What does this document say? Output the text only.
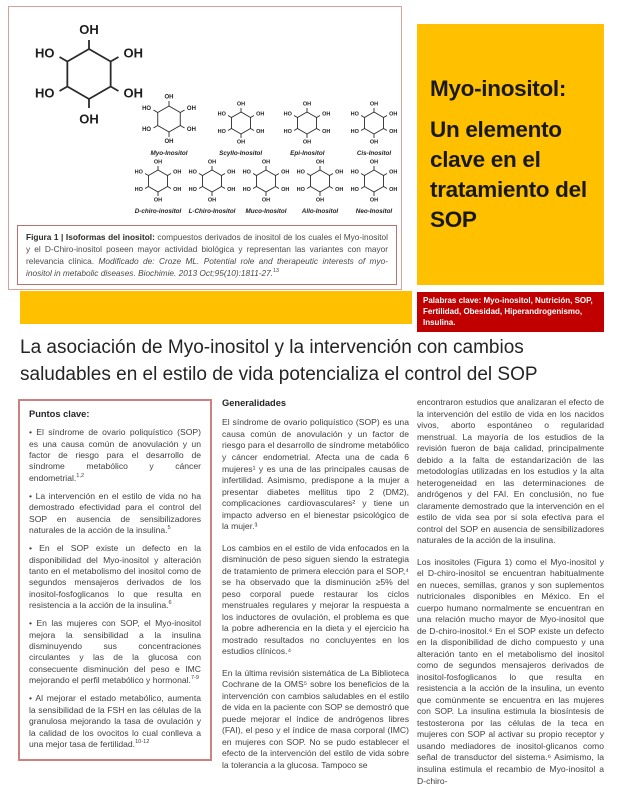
OH
OH
OH
OH
HO
HO
OH
OH
OH
OH
HO
HO
Myo-Inositol
OH
OH
OH
OH
HO
HO
Scyllo-Inositol
OH
OH
OH
OH
HO
HO
Epi-Inositol
OH
OH
OH
OH
HO
HO
Cis-Inositol
OH
OH
OH
OH
HO
HO
D-chiro-inositol
OH
OH
OH
OH
HO
HO
L-Chiro-Inositol
OH
OH
OH
OH
HO
HO
Muco-Inositol
OH
OH
OH
OH
HO
HO
Allo-Inositol
OH
OH
OH
OH
HO
HO
Neo-Inositol
Figura 1 | Isoformas del inositol: compuestos derivados de inositol de los cuales el Myo-inositol y el D-Chiro-inositol poseen mayor actividad biológica y representan las variantes con mayor relevancia clínica. Modificado de: Croze ML. Potential role and therapeutic interests of myo-inositol in metabolic diseases. Biochimie. 2013 Oct;95(10):1811-27.13
Myo-inositol:
Un elemento clave en el tratamiento del SOP
Palabras clave: Myo-inositol, Nutrición, SOP, Fertilidad, Obesidad, Hiperandrogenismo, Insulina.
La asociación de Myo-inositol y la intervención con cambios saludables en el estilo de vida potencializa el control del SOP
Puntos clave:

• El síndrome de ovario poliquístico (SOP) es una causa común de anovulación y un factor de riesgo para el desarrollo de síndrome metabólico y cáncer endometrial.$^{1,2}$

• La intervención en el estilo de vida no ha demostrado efectividad para el control del SOP en ausencia de sensibilizadores naturales de la acción de la insulina.$^5$

• En el SOP existe un defecto en la disponibilidad del Myo-inositol y alteración tanto en el metabolismo del inositol como de segundos mensajeros derivados de los inositol-fosfoglicanos lo que resulta en resistencia a la acción de la insulina.$^6$

• En las mujeres con SOP, el Myo-inositol mejora la sensibilidad a la insulina disminuyendo sus concentraciones circulantes y las de la glucosa con consecuente disminución del peso e IMC mejorando el perfil metabólico y hormonal.$^{7-9}$

• Al mejorar el estado metabólico, aumenta la sensibilidad de la FSH en las células de la granulosa mejorando la tasa de ovulación y la calidad de los ovocitos lo cual conlleva a una mejor tasa de fertilidad.$^{10-12}$

Generalidades

El síndrome de ovario poliquístico (SOP) es una causa común de anovulación y un factor de riesgo para el desarrollo de síndrome metabólico y cáncer endometrial. Afecta una de cada 6 mujeres¹ y es una de las principales causas de infertilidad. Asimismo, predispone a la mujer a presentar diabetes mellitus tipo 2 (DM2), complicaciones cardiovasculares² y tiene un impacto adverso en el bienestar psicológico de la mujer.³

Los cambios en el estilo de vida enfocados en la disminución de peso siguen siendo la estrategia de tratamiento de primera elección para el SOP,⁴ se ha observado que la disminución ≥5% del peso corporal puede restaurar los ciclos menstruales regulares y mejorar la respuesta a los inductores de ovulación, el problema es que la pobre adherencia en la dieta y el ejercicio ha mostrado resultados no concluyentes en los estudios clínicos.⁴

En la última revisión sistemática de La Biblioteca Cochrane de la OMS⁵ sobre los beneficios de la intervención con cambios saludables en el estilo de vida en la paciente con SOP se demostró que puede mejorar el índice de andrógenos libres (FAI), el peso y el índice de masa corporal (IMC) en mujeres con SOP. No se pudo establecer el efecto de la intervención del estilo de vida sobre la tolerancia a la glucosa. Tampoco se

encontraron estudios que analizaran el efecto de la intervención del estilo de vida en los nacidos vivos, aborto espontáneo o regularidad menstrual. La mayoría de los estudios de la revisión fueron de baja calidad, principalmente debido a la falta de estandarización de las metodologías utilizadas en los estudios y la alta heterogeneidad en las determinaciones de andrógenos y del FAI. En conclusión, no fue claramente demostrado que la intervención en el estilo de vida sea por si sola efectiva para el control del SOP en ausencia de sensibilizadores naturales de la acción de la insulina.

Los inositoles (Figura 1) como el Myo-inositol y el D-chiro-inositol se encuentran habitualmente en nueces, semillas, granos y son suplementos nutricionales disponibles en México. En el cuerpo humano normalmente se encuentran en una relación mucho mayor de Myo-inositol que de D-chiro-inositol.⁶ En el SOP existe un defecto en la disponibilidad de dicho compuesto y una alteración tanto en el metabolismo del inositol como de segundos mensajeros derivados de inositol-fosfoglicanos lo que resulta en resistencia a la acción de la insulina, un evento que comúnmente se encuentra en las mujeres con SOP. La insulina estimula la biosíntesis de testosterona por las células de la teca en mujeres con SOP al activar su propio receptor y usando mediadores de inositol-glicanos como señal de transductor del sistema.⁶ Asimismo, la insulina estimula el recambio de Myo-inositol a D-chiro-
